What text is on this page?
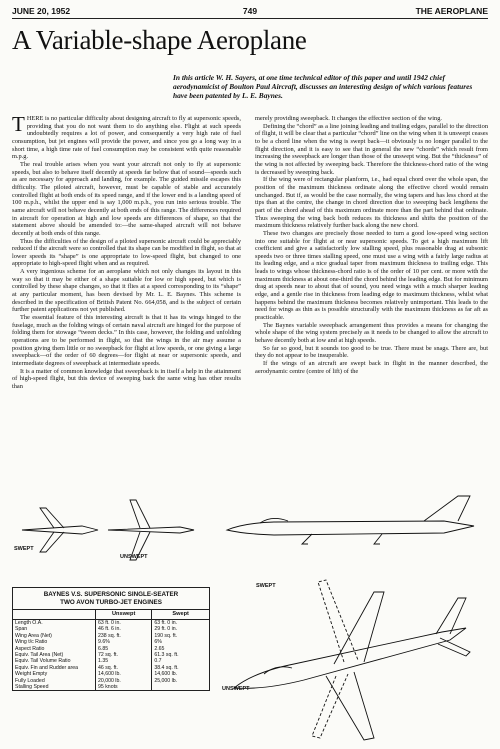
JUNE 20, 1952	749	THE AEROPLANE
A Variable-shape Aeroplane
In this article W. H. Sayers, at one time technical editor of this paper and until 1942 chief aerodynamicist of Boulton Paul Aircraft, discusses an interesting design of which various features have been patented by L. E. Baynes.

THERE is no particular difficulty about designing aircraft to fly at supersonic speeds, providing that you do not want them to do anything else. Flight at such speeds undoubtedly requires a lot of power, and consequently a very high rate of fuel consumption, but jet engines will provide the power, and since you go a long way in a short time, a high time rate of fuel consumption may be consistent with quite reasonable m.p.g.

The real trouble arises when you want your aircraft not only to fly at supersonic speeds, but also to behave itself decently at speeds far below that of sound—speeds such as are necessary for approach and landing, for example. The guided missile escapes this difficulty. The piloted aircraft, however, must be capable of stable and accurately controlled flight at both ends of its speed range, and if the lower end is a landing speed of 100 m.p.h., whilst the upper end is say 1,000 m.p.h., you run into serious trouble. The same aircraft will not behave decently at both ends of this range. The differences required in aircraft for operation at high and low speeds are differences of shape, so that the statement above should be amended to:—the same-shaped aircraft will not behave decently at both ends of this range.

Thus the difficulties of the design of a piloted supersonic aircraft could be appreciably reduced if the aircraft were so controlled that its shape can be modified in flight, so that at lower speeds its “shape” is one appropriate to low-speed flight, but changed to one appropriate to high-speed flight when and as required.

A very ingenious scheme for an aeroplane which not only changes its layout in this way so that it may be either of a shape suitable for low or high speed, but which is controlled by these shape changes, so that it flies at a speed corresponding to its “shape” at any particular moment, has been devised by Mr. L. E. Baynes. This scheme is described in the specification of British Patent No. 664,058, and is the subject of certain further patent applications not yet published.

The essential feature of this interesting aircraft is that it has its wings hinged to the fuselage, much as the folding wings of certain naval aircraft are hinged for the purpose of folding them for stowage “tween decks.” In this case, however, the folding and unfolding operations are to be performed in flight, so that the wings in the air may assume a position giving them little or no sweepback for flight at low speeds, or one giving a large sweepback—of the order of 60 degrees—for flight at near or supersonic speeds, and intermediate degrees of sweepback at intermediate speeds.

It is a matter of common knowledge that sweepback is in itself a help in the attainment of high-speed flight, but this device of sweeping back the same wing has other results than

merely providing sweepback. It changes the effective section of the wing.

Defining the “chord” as a line joining leading and trailing edges, parallel to the direction of flight, it will be clear that a particular “chord” line on the wing when it is unswept ceases to be a chord line when the wing is swept back—it obviously is no longer parallel to the flight direction, and it is easy to see that in general the new “chords” which result from increasing the sweepback are longer than those of the unswept wing. But the “thickness” of the wing is not affected by sweeping back. Therefore the thickness-chord ratio of the wing is decreased by sweeping back.

If the wing were of rectangular planform, i.e., had equal chord over the whole span, the position of the maximum thickness ordinate along the effective chord would remain unchanged. But if, as would be the case normally, the wing tapers and has less chord at the tips than at the centre, the change in chord direction due to sweeping back lengthens the part of the chord ahead of this maximum ordinate more than the part behind that ordinate. Thus sweeping the wing back both reduces its thickness and shifts the position of the maximum thickness relatively further back along the new chord.

These two changes are precisely those needed to turn a good low-speed wing section into one suitable for flight at or near supersonic speeds. To get a high maximum lift coefficient and give a satisfactorily low stalling speed, plus reasonable drag at subsonic speeds two or three times stalling speed, one must use a wing with a fairly large radius at its leading edge, and a nice gradual taper from maximum thickness to trailing edge. This leads to wings whose thickness-chord ratio is of the order of 10 per cent. or more with the maximum thickness at about one-third the chord behind the leading edge. But for minimum drag at speeds near to about that of sound, you need wings with a much sharper leading edge, and a gentle rise in thickness from leading edge to maximum thickness, whilst what happens behind the maximum thickness becomes relatively unimportant. This leads to the need for wings as thin as is possible structurally with the maximum thickness as far aft as practicable.

The Baynes variable sweepback arrangement thus provides a means for changing the whole shape of the wing system precisely as it needs to be changed to allow the aircraft to behave decently both at low and at high speeds.

So far so good, but it sounds too good to be true. There must be snags. There are, but they do not appear to be insuperable.

If the wings of an aircraft are swept back in flight in the manner described, the aerodynamic centre (centre of lift) of the

SWEPT
UNSWEPT
SWEPT
UNSWEPT
BAYNES V.S. SUPERSONIC SINGLE-SEATER
TWO AVON TURBO-JET ENGINES
	Unswept	Swept
Length O.A.	63 ft. 0 in.	63 ft. 0 in.
Span	46 ft. 6 in.	29 ft. 0 in.
Wing Area (Net)	238 sq. ft.	190 sq. ft.
Wing t/c Ratio	9.6%	6%
Aspect Ratio	6.85	2.65
Equiv. Tail Area (Net)	72 sq. ft.	61.3 sq. ft.
Equiv. Tail Volume Ratio	1.35	0.7
Equiv. Fin and Rudder area	46 sq. ft.	38.4 sq. ft.
Weight Empty	14,600 lb.	14,600 lb.
Fully Loaded	20,000 lb.	25,000 lb.
Stalling Speed	95 knots	
